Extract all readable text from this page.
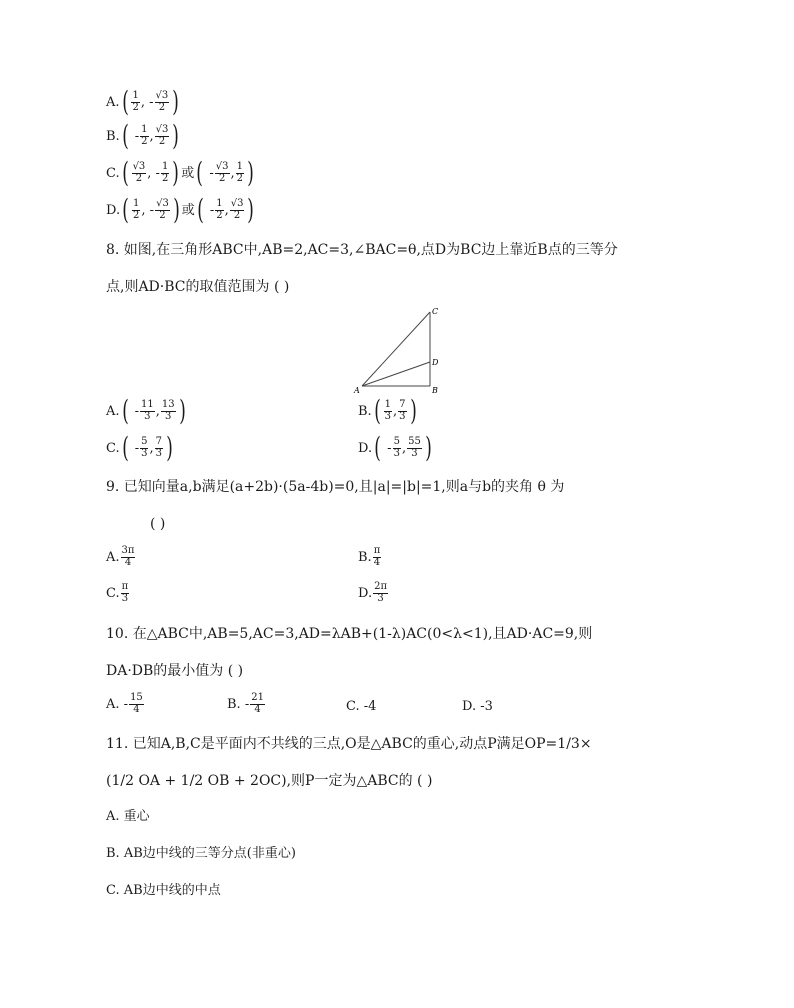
A. ( $\frac{1}{2}$ , - $\frac{√3}{2}$ )
B. ( - $\frac{1}{2}$ , $\frac{√3}{2}$ )
C. ( $\frac{√3}{2}$ , - $\frac{1}{2}$ ) 或 ( - $\frac{√3}{2}$ , $\frac{1}{2}$ )
D. ( $\frac{1}{2}$ , - $\frac{√3}{2}$ ) 或 ( - $\frac{1}{2}$ , $\frac{√3}{2}$ )
8. 如图,在三角形ABC中,AB=2,AC=3,∠BAC=θ,点D为BC边上靠近B点的三等分
点,则AD·BC的取值范围为 ( )
A	B
C
D
A. ( - $\frac{11}{3}$ , $\frac{13}{3}$ )	B. ( $\frac{1}{3}$ , $\frac{7}{3}$ )
C. ( - $\frac{5}{3}$ , $\frac{7}{3}$ )	D. ( - $\frac{5}{3}$ , $\frac{55}{3}$ )
9. 已知向量a,b满足(a+2b)·(5a-4b)=0,且|a|=|b|=1,则a与b的夹角 θ 为
( )
A. $\frac{3\pi}{4}$	B. $\frac{\pi}{4}$
C. $\frac{\pi}{3}$	D. $\frac{2\pi}{3}$
10. 在△ABC中,AB=5,AC=3,AD=λAB+(1-λ)AC(0<λ<1),且AD·AC=9,则
DA·DB的最小值为 ( )
A. - $\frac{15}{4}$	B. - $\frac{21}{4}$	C.
-4	D.
-3
11. 已知A,B,C是平面内不共线的三点,O是△ABC的重心,动点P满足OP=1/3×
(1/2 OA + 1/2 OB + 2OC),则P一定为△ABC的 ( )
A. 重心
B. AB边中线的三等分点(非重心)
C. AB边中线的中点
